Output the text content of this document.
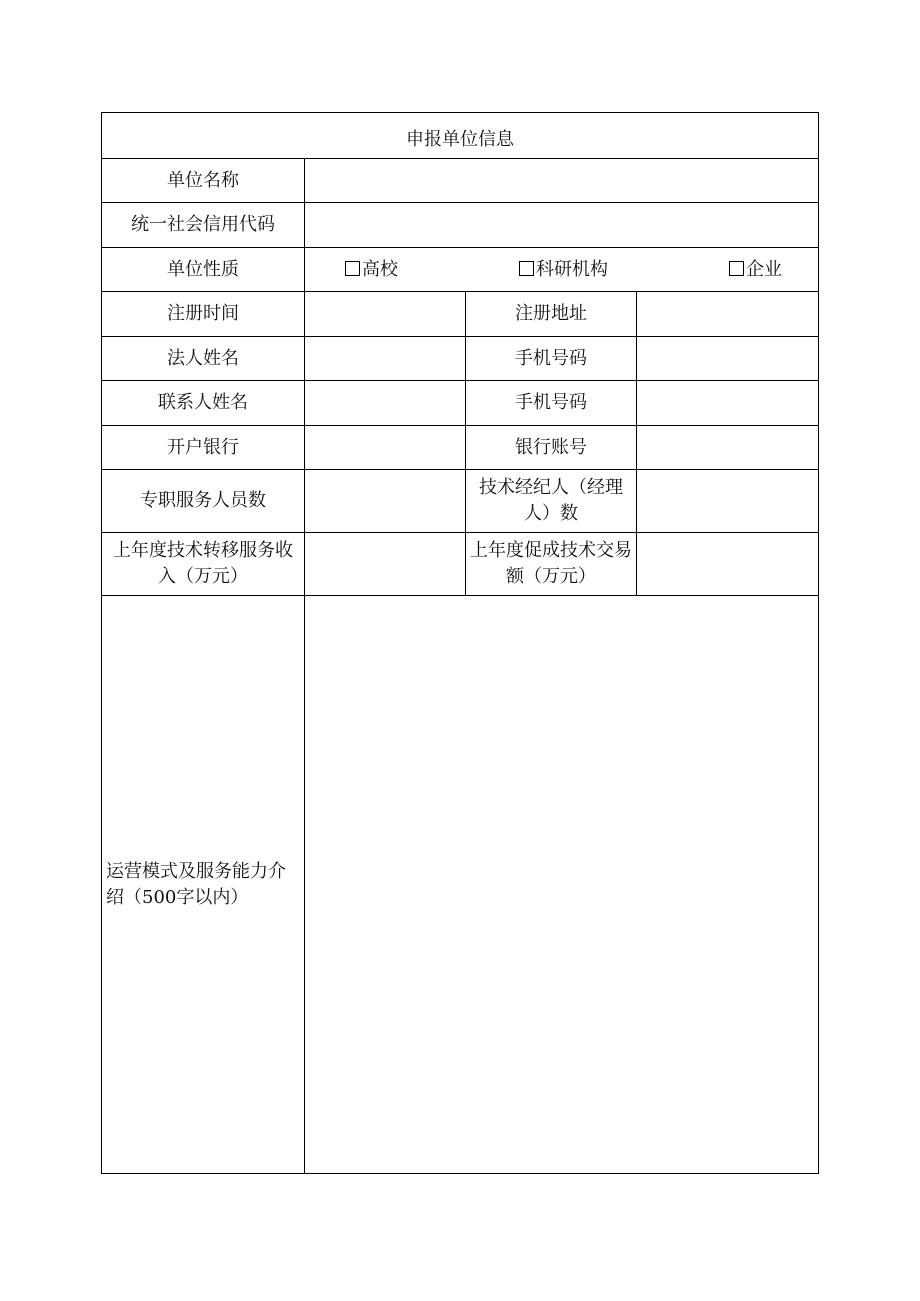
申报单位信息			
单位名称			
统一社会信用代码			
单位性质	高校 科研机构 企业		

注册时间		注册地址	
法人姓名		手机号码	
联系人姓名		手机号码	
开户银行		银行账号	
专职服务人员数		技术经纪人（经理人）数	
上年度技术转移服务收入（万元）		上年度促成技术交易额（万元）	
运营模式及服务能力介绍（500字以内）			
